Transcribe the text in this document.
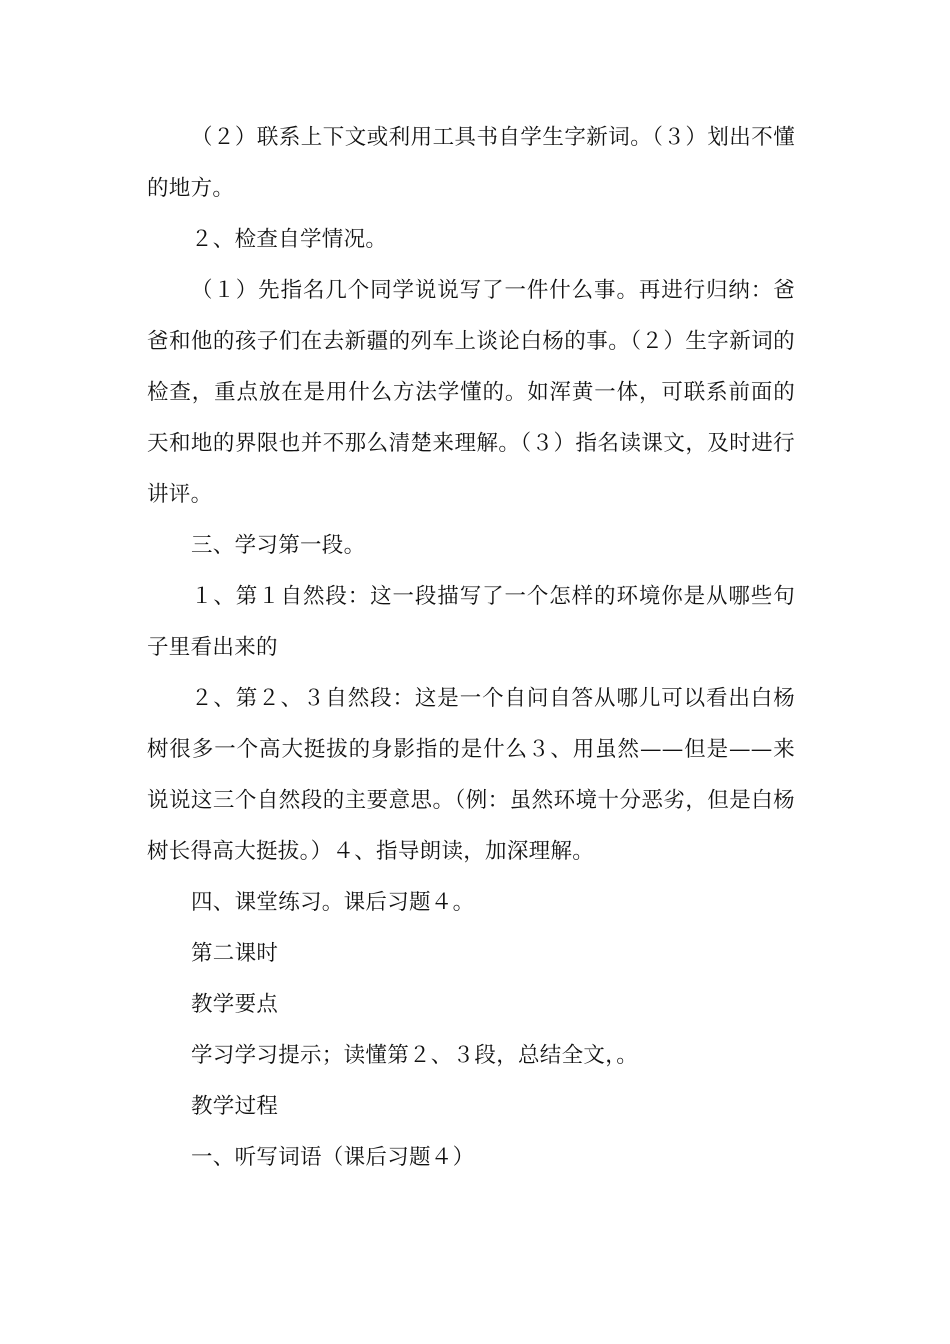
（２）联系上下文或利用工具书自学生字新词。（３）划出不懂的地方。

２、检查自学情况。

（１）先指名几个同学说说写了一件什么事。再进行归纳：爸爸和他的孩子们在去新疆的列车上谈论白杨的事。（２）生字新词的检查，重点放在是用什么方法学懂的。如浑黄一体，可联系前面的天和地的界限也并不那么清楚来理解。（３）指名读课文，及时进行讲评。

三、学习第一段。

１、第１自然段：这一段描写了一个怎样的环境你是从哪些句子里看出来的

２、第２、３自然段：这是一个自问自答从哪儿可以看出白杨树很多一个高大挺拔的身影指的是什么３、用虽然——但是——来说说这三个自然段的主要意思。（例：虽然环境十分恶劣，但是白杨树长得高大挺拔。）４、指导朗读，加深理解。

四、课堂练习。课后习题４。

第二课时

教学要点

学习学习提示；读懂第２、３段，总结全文，。

教学过程

一、听写词语（课后习题４）
